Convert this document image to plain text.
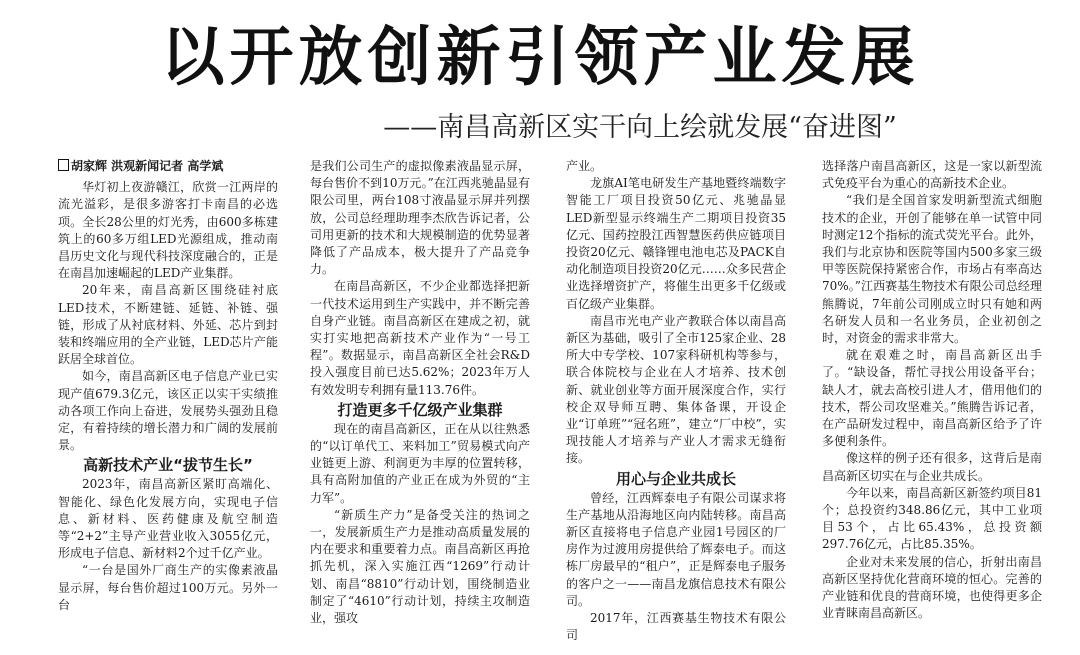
以开放创新引领产业发展
——南昌高新区实干向上绘就发展“奋进图”
胡家辉 洪观新闻记者 高学斌

华灯初上夜游赣江，欣赏一江两岸的流光溢彩，是很多游客打卡南昌的必选项。全长28公里的灯光秀，由600多栋建筑上的60多万组LED光源组成，推动南昌历史文化与现代科技深度融合的，正是在南昌加速崛起的LED产业集群。

20年来，南昌高新区围绕硅衬底LED技术，不断建链、延链、补链、强链，形成了从衬底材料、外延、芯片到封装和终端应用的全产业链，LED芯片产能跃居全球首位。

如今，南昌高新区电子信息产业已实现产值679.3亿元，该区正以实干实绩推动各项工作向上奋进，发展势头强劲且稳定，有着持续的增长潜力和广阔的发展前景。

高新技术产业“拔节生长”

2023年，南昌高新区紧盯高端化、智能化、绿色化发展方向，实现电子信息、新材料、医药健康及航空制造等“2+2”主导产业营业收入3055亿元，形成电子信息、新材料2个过千亿产业。

“一台是国外厂商生产的实像素液晶显示屏，每台售价超过100万元。另外一台

是我们公司生产的虚拟像素液晶显示屏，每台售价不到10万元。”在江西兆驰晶显有限公司里，两台108寸液晶显示屏并列摆放，公司总经理助理李杰欣告诉记者，公司用更新的技术和大规模制造的优势显著降低了产品成本，极大提升了产品竞争力。

在南昌高新区，不少企业都选择把新一代技术运用到生产实践中，并不断完善自身产业链。南昌高新区在建成之初，就实打实地把高新技术产业作为“一号工程”。数据显示，南昌高新区全社会R&D投入强度目前已达5.62%；2023年万人有效发明专利拥有量113.76件。

打造更多千亿级产业集群

现在的南昌高新区，正在从以往熟悉的“以订单代工、来料加工”贸易模式向产业链更上游、利润更为丰厚的位置转移，具有高附加值的产业正在成为外贸的“主力军”。

“新质生产力”是备受关注的热词之一，发展新质生产力是推动高质量发展的内在要求和重要着力点。南昌高新区再抢抓先机，深入实施江西“1269”行动计划、南昌“8810”行动计划，围绕制造业制定了“4610”行动计划，持续主攻制造业，强攻

产业。

龙旗AI笔电研发生产基地暨终端数字智能工厂项目投资50亿元、兆驰晶显LED新型显示终端生产二期项目投资35亿元、国药控股江西智慧医药供应链项目投资20亿元、赣锋锂电池电芯及PACK自动化制造项目投资20亿元……众多民营企业选择增资扩产，将催生出更多千亿级或百亿级产业集群。

南昌市光电产业产教联合体以南昌高新区为基础，吸引了全市125家企业、28所大中专学校、107家科研机构等参与，联合体院校与企业在人才培养、技术创新、就业创业等方面开展深度合作，实行校企双导师互聘、集体备课，开设企业“订单班”“冠名班”，建立“厂中校”，实现技能人才培养与产业人才需求无缝衔接。

用心与企业共成长

曾经，江西辉泰电子有限公司谋求将生产基地从沿海地区向内陆转移。南昌高新区直接将电子信息产业园1号园区的厂房作为过渡用房提供给了辉泰电子。而这栋厂房最早的“租户”，正是辉泰电子服务的客户之一——南昌龙旗信息技术有限公司。

2017年，江西赛基生物技术有限公司

选择落户南昌高新区，这是一家以新型流式免疫平台为重心的高新技术企业。

“我们是全国首家发明新型流式细胞技术的企业，开创了能够在单一试管中同时测定12个指标的流式荧光平台。此外，我们与北京协和医院等国内500多家三级甲等医院保持紧密合作，市场占有率高达70%。”江西赛基生物技术有限公司总经理熊腾说，7年前公司刚成立时只有她和两名研发人员和一名业务员，企业初创之时，对资金的需求非常大。

就在艰难之时，南昌高新区出手了。“缺设备，帮忙寻找公用设备平台；缺人才，就去高校引进人才，借用他们的技术，帮公司攻坚难关。”熊腾告诉记者，在产品研发过程中，南昌高新区给予了许多便利条件。

像这样的例子还有很多，这背后是南昌高新区切实在与企业共成长。

今年以来，南昌高新区新签约项目81个；总投资约348.86亿元，其中工业项目53个，占比65.43%，总投资额297.76亿元，占比85.35%。

企业对未来发展的信心，折射出南昌高新区坚持优化营商环境的恒心。完善的产业链和优良的营商环境，也使得更多企业青睐南昌高新区。
